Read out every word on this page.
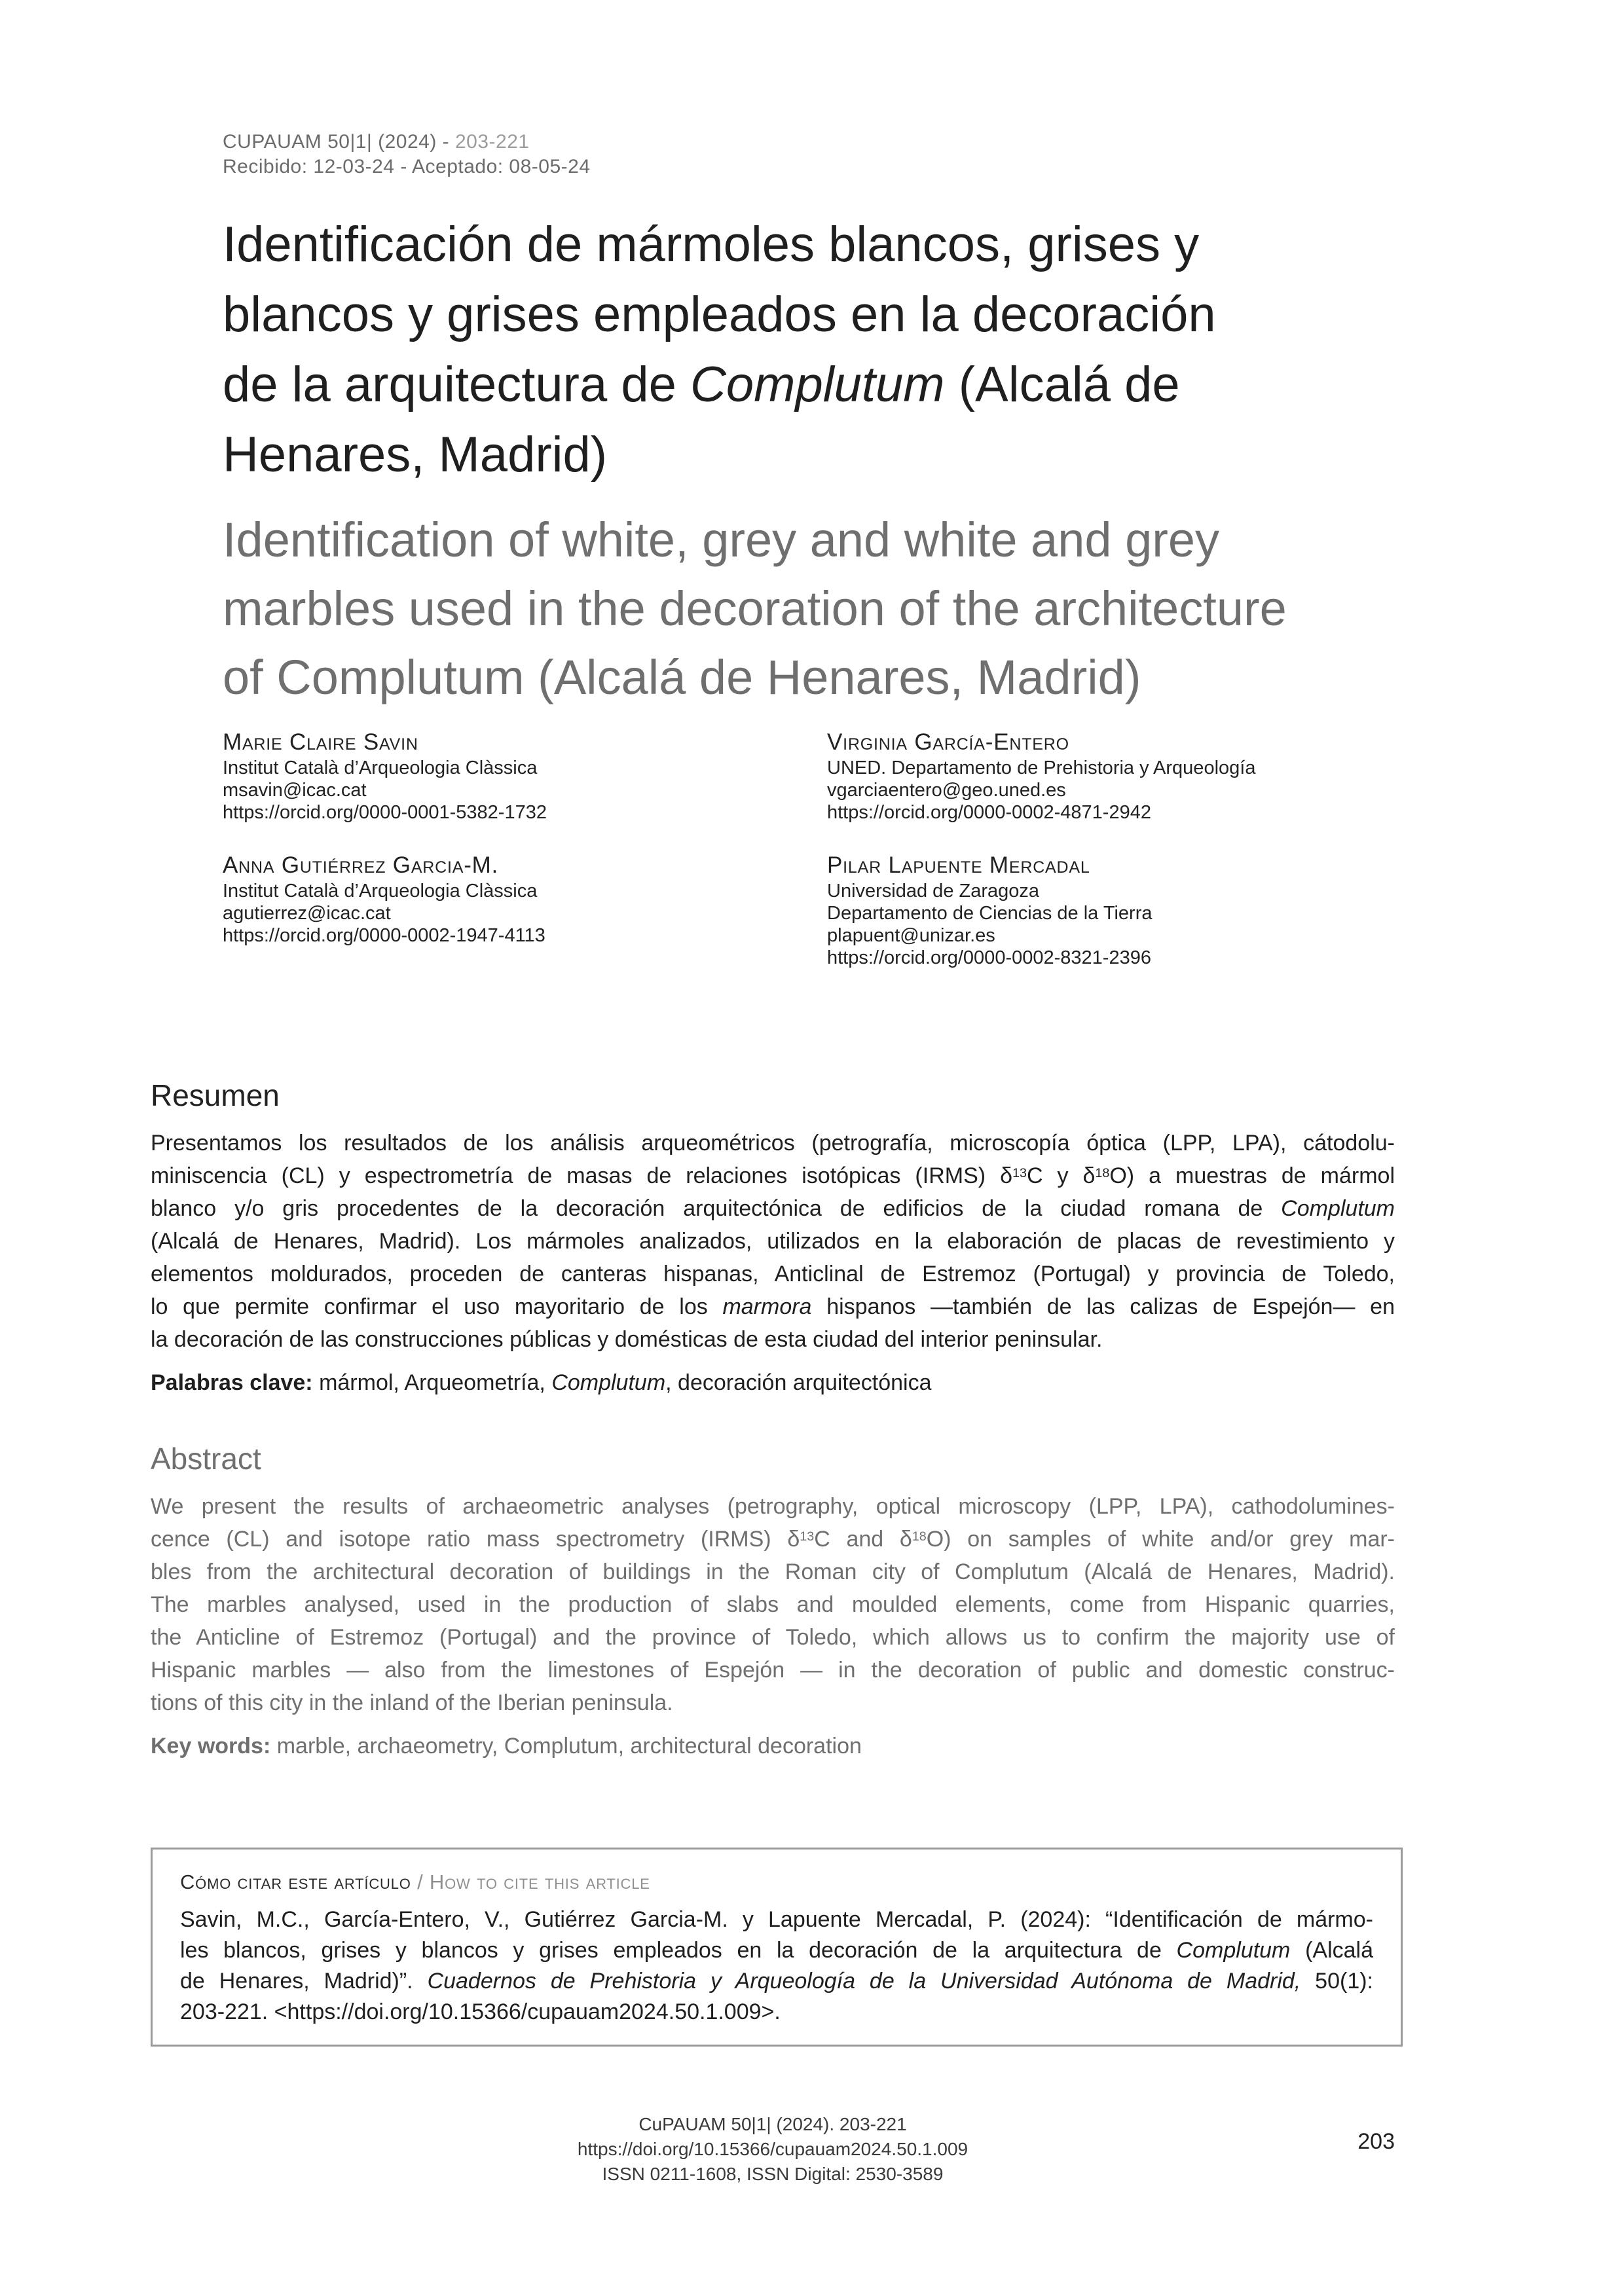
CUPAUAM 50|1| (2024) - 203-221
Recibido: 12-03-24 - Aceptado: 08-05-24
Identificación de mármoles blancos, grises y
blancos y grises empleados en la decoración
de la arquitectura de Complutum (Alcalá de
Henares, Madrid)
Identification of white, grey and white and grey
marbles used in the decoration of the architecture
of Complutum (Alcalá de Henares, Madrid)
Marie Claire Savin
Institut Català d’Arqueologia Clàssica
msavin@icac.cat
https://orcid.org/0000-0001-5382-1732
Anna Gutiérrez Garcia-M.
Institut Català d’Arqueologia Clàssica
agutierrez@icac.cat
https://orcid.org/0000-0002-1947-4113
Virginia García-Entero
UNED. Departamento de Prehistoria y Arqueología
vgarciaentero@geo.uned.es
https://orcid.org/0000-0002-4871-2942
Pilar Lapuente Mercadal
Universidad de Zaragoza
Departamento de Ciencias de la Tierra
plapuent@unizar.es
https://orcid.org/0000-0002-8321-2396
Resumen
Presentamos los resultados de los análisis arqueométricos (petrografía, microscopía óptica (LPP, LPA), cátodolu-
miniscencia (CL) y espectrometría de masas de relaciones isotópicas (IRMS) $\delta^{13}C$ y $\delta^{18}O$) a muestras de mármol
blanco y/o gris procedentes de la decoración arquitectónica de edificios de la ciudad romana de Complutum
(Alcalá de Henares, Madrid). Los mármoles analizados, utilizados en la elaboración de placas de revestimiento y
elementos moldurados, proceden de canteras hispanas, Anticlinal de Estremoz (Portugal) y provincia de Toledo,
lo que permite confirmar el uso mayoritario de los marmora hispanos —también de las calizas de Espejón— en
la decoración de las construcciones públicas y domésticas de esta ciudad del interior peninsular.
Palabras clave: mármol, Arqueometría, Complutum, decoración arquitectónica
Abstract
We present the results of archaeometric analyses (petrography, optical microscopy (LPP, LPA), cathodolumines-
cence (CL) and isotope ratio mass spectrometry (IRMS) $\delta^{13}C$ and $\delta^{18}O$) on samples of white and/or grey mar-
bles from the architectural decoration of buildings in the Roman city of Complutum (Alcalá de Henares, Madrid).
The marbles analysed, used in the production of slabs and moulded elements, come from Hispanic quarries,
the Anticline of Estremoz (Portugal) and the province of Toledo, which allows us to confirm the majority use of
Hispanic marbles — also from the limestones of Espejón — in the decoration of public and domestic construc-
tions of this city in the inland of the Iberian peninsula.
Key words: marble, archaeometry, Complutum, architectural decoration
Cómo citar este artículo / How to cite this article
Savin, M.C., García-Entero, V., Gutiérrez Garcia-M. y Lapuente Mercadal, P. (2024): “Identificación de mármo-
les blancos, grises y blancos y grises empleados en la decoración de la arquitectura de Complutum (Alcalá
de Henares, Madrid)”. Cuadernos de Prehistoria y Arqueología de la Universidad Autónoma de Madrid, 50(1):
203-221. <https://doi.org/10.15366/cupauam2024.50.1.009>.
CuPAUAM 50|1| (2024). 203-221
https://doi.org/10.15366/cupauam2024.50.1.009
ISSN 0211-1608, ISSN Digital: 2530-3589
203
